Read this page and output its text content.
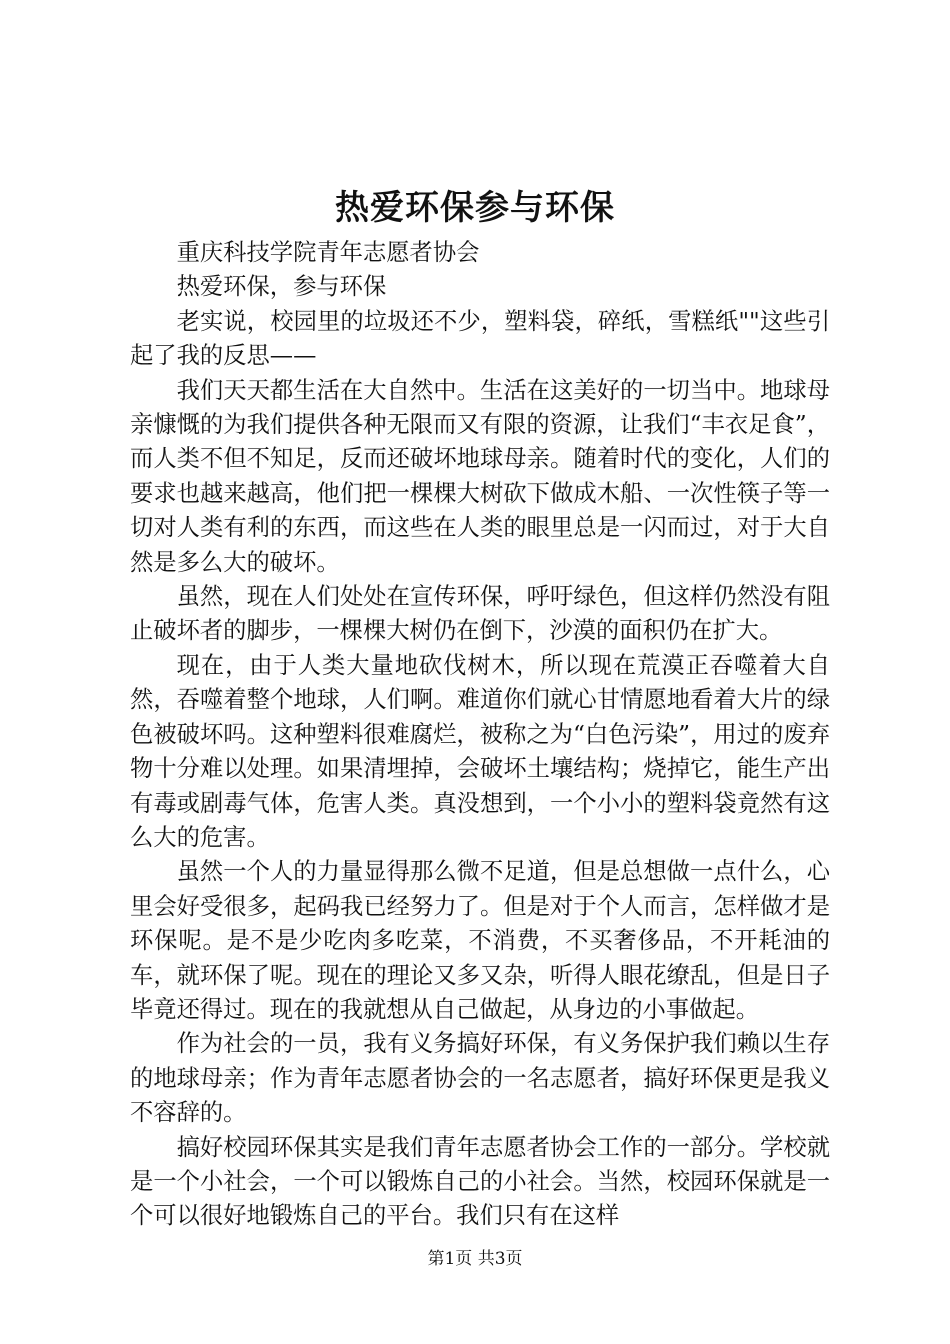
热爱环保参与环保

重庆科技学院青年志愿者协会

热爱环保，参与环保

老实说，校园里的垃圾还不少，塑料袋，碎纸，雪糕纸""这些引起了我的反思——

我们天天都生活在大自然中。生活在这美好的一切当中。地球母亲慷慨的为我们提供各种无限而又有限的资源，让我们“丰衣足食”，而人类不但不知足，反而还破坏地球母亲。随着时代的变化，人们的要求也越来越高，他们把一棵棵大树砍下做成木船、一次性筷子等一切对人类有利的东西，而这些在人类的眼里总是一闪而过，对于大自然是多么大的破坏。

虽然，现在人们处处在宣传环保，呼吁绿色，但这样仍然没有阻止破坏者的脚步，一棵棵大树仍在倒下，沙漠的面积仍在扩大。

现在，由于人类大量地砍伐树木，所以现在荒漠正吞噬着大自然，吞噬着整个地球，人们啊。难道你们就心甘情愿地看着大片的绿色被破坏吗。这种塑料很难腐烂，被称之为“白色污染”，用过的废弃物十分难以处理。如果清埋掉，会破坏土壤结构；烧掉它，能生产出有毒或剧毒气体，危害人类。真没想到，一个小小的塑料袋竟然有这么大的危害。

虽然一个人的力量显得那么微不足道，但是总想做一点什么，心里会好受很多，起码我已经努力了。但是对于个人而言，怎样做才是环保呢。是不是少吃肉多吃菜，不消费，不买奢侈品，不开耗油的车，就环保了呢。现在的理论又多又杂，听得人眼花缭乱，但是日子毕竟还得过。现在的我就想从自己做起，从身边的小事做起。

作为社会的一员，我有义务搞好环保，有义务保护我们赖以生存的地球母亲；作为青年志愿者协会的一名志愿者，搞好环保更是我义不容辞的。

搞好校园环保其实是我们青年志愿者协会工作的一部分。学校就是一个小社会，一个可以锻炼自己的小社会。当然，校园环保就是一个可以很好地锻炼自己的平台。我们只有在这样

第1页 共3页
